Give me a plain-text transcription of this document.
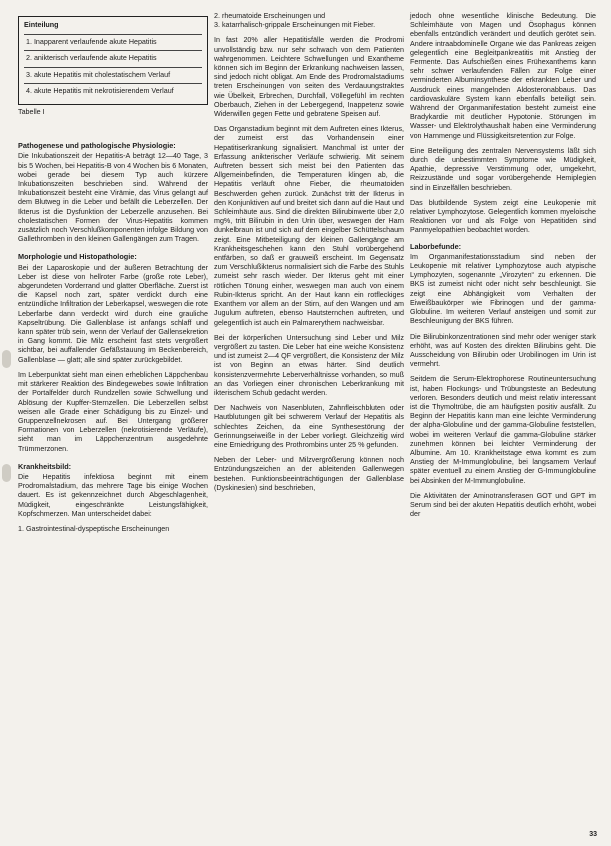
Einteilung
1. Inapparent verlaufende akute Hepatitis
2. anikterisch verlaufende akute Hepatitis
3. akute Hepatitis mit cholestatischem Verlauf
4. akute Hepatitis mit nekrotisierendem Verlauf
Tabelle I
Pathogenese und pathologische Physiologie:

Die Inkubationszeit der Hepatitis-A beträgt 12—40 Tage, 3 bis 5 Wochen, bei Hepatitis-B von 4 Wochen bis 6 Monaten, wobei gerade bei diesem Typ auch kürzere Inkubationszeiten beschrieben sind. Während der Inkubationszeit besteht eine Virämie, das Virus gelangt auf dem Blutweg in die Leber und befällt die Leberzellen. Der Ikterus ist die Dysfunktion der Leberzelle anzusehen. Bei cholestatischen Formen der Virus-Hepatitis kommen zusätzlich noch Verschlußkomponenten infolge Bildung von Gallethromben in den kleinen Gallengängen zum Tragen.

Morphologie und Histopathologie:

Bei der Laparoskopie und der äußeren Betrachtung der Leber ist diese von hellroter Farbe (große rote Leber), abgerundeten Vorderrand und glatter Oberfläche. Zuerst ist die Kapsel noch zart, später verdickt durch eine entzündliche Infiltration der Leberkapsel, weswegen die rote Leberfarbe dann verdeckt wird durch eine grauliche Kapseltrübung. Die Gallenblase ist anfangs schlaff und kann später trüb sein, wenn der Verlauf der Gallensekretion in Gang kommt. Die Milz erscheint fast stets vergrößert sichtbar, bei auffallender Gefäßstauung im Beckenbereich, Gallenblase — glatt; alle sind später zurückgebildet.

Im Leberpunktat sieht man einen erheblichen Läppchenbau mit stärkerer Reaktion des Bindegewebes sowie Infiltration der Portalfelder durch Rundzellen sowie Schwellung und Ablösung der Kupffer-Sternzellen. Die Leberzellen selbst weisen alle Grade einer Schädigung bis zu Einzel- und Gruppenzellnekrosen auf. Bei Untergang größerer Formationen von Leberzellen (nekrotisierende Verläufe), sieht man im Läppchenzentrum ausgedehnte Trümmerzonen.

Krankheitsbild:

Die Hepatitis infektiosa beginnt mit einem Prodromalstadium, das mehrere Tage bis einige Wochen dauert. Es ist gekennzeichnet durch Abgeschlagenheit, Müdigkeit, eingeschränkte Leistungsfähigkeit, Kopfschmerzen. Man unterscheidet dabei:

1. Gastrointestinal-dyspeptische Erscheinungen

2. rheumatoide Erscheinungen und
3. katarrhalisch-grippale Erscheinungen mit Fieber.

In fast 20% aller Hepatitisfälle werden die Prodromi unvollständig bzw. nur sehr schwach von dem Patienten wahrgenommen. Leichtere Schwellungen und Exantheme können sich im Beginn der Erkrankung nachweisen lassen, sind jedoch nicht obligat. Am Ende des Prodromalstadiums treten Erscheinungen von seiten des Verdauungstraktes wie Übelkeit, Erbrechen, Durchfall, Völlegefühl im rechten Oberbauch, Ziehen in der Lebergegend, Inappetenz sowie Widerwillen gegen Fette und gebratene Speisen auf.

Das Organstadium beginnt mit dem Auftreten eines Ikterus, der zumeist erst das Vorhandensein einer Hepatitiserkrankung signalisiert. Manchmal ist unter der Erfassung anikterischer Verläufe schwierig. Mit seinem Auftreten bessert sich meist bei den Patienten das Allgemeinbefinden, die Temperaturen klingen ab, die Hepatitis verläuft ohne Fieber, die rheumatoiden Beschwerden gehen zurück. Zunächst tritt der Ikterus in den Konjunktiven auf und breitet sich dann auf die Haut und Schleimhäute aus. Sind die direkten Bilirubinwerte über 2,0 mg%, tritt Bilirubin in den Urin über, weswegen der Harn dunkelbraun ist und sich auf dem eingelber Schüttelschaum zeigt. Eine Mitbeteiligung der kleinen Gallengänge am Krankheitsgeschehen kann den Stuhl vorübergehend entfärben, so daß er grauweiß erscheint. Im Gegensatz zum Verschlußikterus normalisiert sich die Farbe des Stuhls zumeist sehr rasch wieder. Der Ikterus geht mit einer rötlichen Tönung einher, weswegen man auch von einem Rubin-Ikterus spricht. An der Haut kann ein rotfleckiges Exanthem vor allem an der Stirn, auf den Wangen und am Jugulum auftreten, ebenso Hautsternchen auftreten, und gelegentlich ist auch ein Palmarerythem nachweisbar.

Bei der körperlichen Untersuchung sind Leber und Milz vergrößert zu tasten. Die Leber hat eine weiche Konsistenz und ist zumeist 2—4 QF vergrößert, die Konsistenz der Milz ist von Beginn an etwas härter. Sind deutlich konsistenzvermehrte Leberverhältnisse vorhanden, so muß an das Vorliegen einer chronischen Leberkrankung mit ikterischem Schub gedacht werden.

Der Nachweis von Nasenbluten, Zahnfleischbluten oder Hautblutungen gilt bei schwerem Verlauf der Hepatitis als schlechtes Zeichen, da eine Synthesestörung der Gerinnungseiweiße in der Leber vorliegt. Gleichzeitig wird eine Erniedrigung des Prothrombins unter 25 % gefunden.

Neben der Leber- und Milzvergrößerung können noch Entzündungszeichen an der ableitenden Gallenwegen bestehen. Funktionsbeeinträchtigungen der Gallenblase (Dyskinesien) sind beschrieben,

jedoch ohne wesentliche klinische Bedeutung. Die Schleimhäute von Magen und Ösophagus können ebenfalls entzündlich verändert und deutlich gerötet sein. Andere intraabdominelle Organe wie das Pankreas zeigen gelegentlich eine Begleitpankreatitis mit Anstieg der Fermente. Das Aufschießen eines Frühexanthems kann sehr schwer verlaufenden Fällen zur Folge einer verminderten Albuminsynthese der erkrankten Leber und Ausdruck eines mangelnden Aldosteronabbaus. Das cardiovaskuläre System kann ebenfalls beteiligt sein. Während der Organmanifestation besteht zumeist eine Bradykardie mit deutlicher Hypotonie. Störungen im Wasser- und Elektrolythaushalt haben eine Verminderung von Harnmenge und Flüssigkeitsretention zur Folge.

Eine Beteiligung des zentralen Nervensystems läßt sich durch die unbestimmten Symptome wie Müdigkeit, Apathie, depressive Verstimmung oder, umgekehrt, Reizzustände und sogar vorübergehende Hemiplegien sind in Einzelfällen beschrieben.

Das blutbildende System zeigt eine Leukopenie mit relativer Lymphozytose. Gelegentlich kommen myeloische Reaktionen vor und als Folge von Hepatitiden sind Panmyelopathien beobachtet worden.

Laborbefunde:

Im Organmanifestationsstadium sind neben der Leukopenie mit relativer Lymphozytose auch atypische Lymphozyten, sogenannte „Virozyten“ zu erkennen. Die BKS ist zumeist nicht oder nicht sehr beschleunigt. Sie zeigt eine Abhängigkeit vom Verhalten der Eiweißbaukörper wie Fibrinogen und der gamma-Globuline. Im weiteren Verlauf ansteigen und somit zur Beschleunigung der BKS führen.

Die Bilirubinkonzentrationen sind mehr oder weniger stark erhöht, was auf Kosten des direkten Bilirubins geht. Die Ausscheidung von Bilirubin oder Urobilinogen im Urin ist vermehrt.

Seitdem die Serum-Elektrophorese Routineuntersuchung ist, haben Flockungs- und Trübungsteste an Bedeutung verloren. Besonders deutlich und meist relativ interessant ist die Thymoltrübe, die am häufigsten positiv ausfällt. Zu Beginn der Hepatitis kann man eine leichte Verminderung der alpha-Globuline und der gamma-Globuline feststellen, wobei im weiteren Verlauf die gamma-Globuline stärker zunehmen können bei leichter Verminderung der Albumine. Am 10. Krankheitstage etwa kommt es zum Anstieg der M-Immunglobuline, bei langsamem Verlauf später eventuell zu einem Anstieg der G-Immunglobuline bei Absinken der M-Immunglobuline.

Die Aktivitäten der Aminotransferasen GOT und GPT im Serum sind bei der akuten Hepatitis deutlich erhöht, wobei der

33
